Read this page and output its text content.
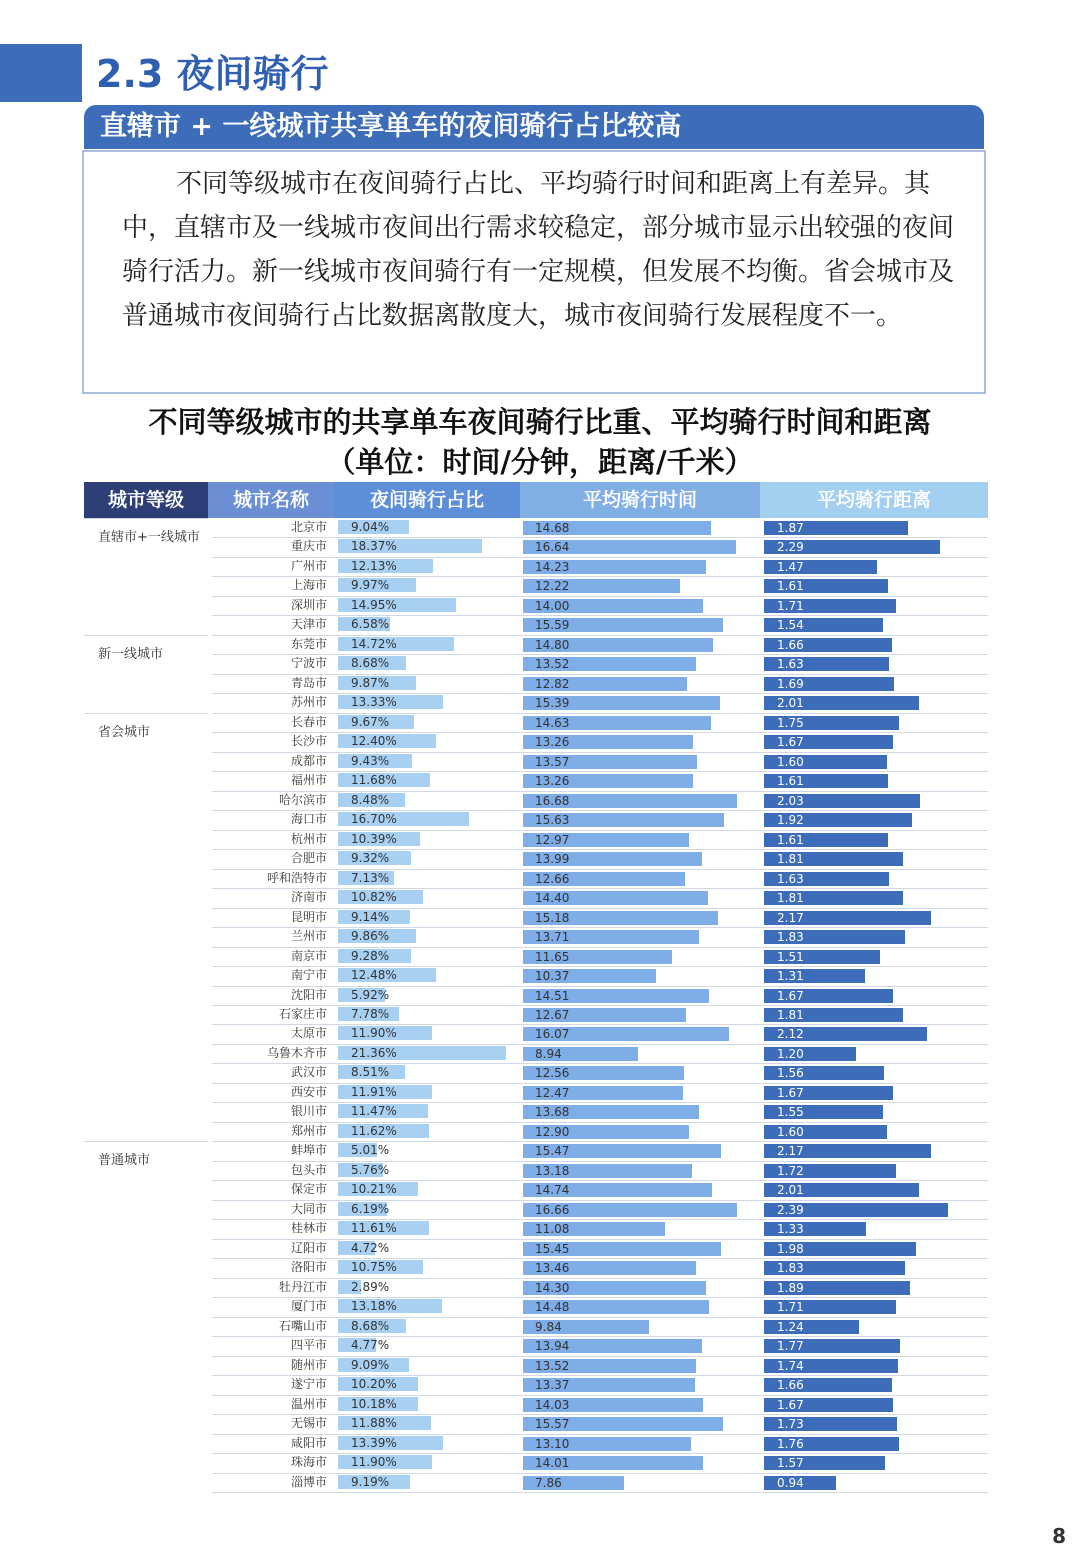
2.3 夜间骑行
直辖市 + 一线城市共享单车的夜间骑行占比较高

不同等级城市在夜间骑行占比、平均骑行时间和距离上有差异。其中，直辖市及一线城市夜间出行需求较稳定，部分城市显示出较强的夜间骑行活力。新一线城市夜间骑行有一定规模，但发展不均衡。省会城市及普通城市夜间骑行占比数据离散度大，城市夜间骑行发展程度不一。

不同等级城市的共享单车夜间骑行比重、平均骑行时间和距离
（单位：时间/分钟，距离/千米）
城市等级	城市名称	夜间骑行占比	平均骑行时间	平均骑行距离
直辖市+一线城市
北京市 9.04%	14.68	1.87
重庆市 18.37%	16.64	2.29
广州市 12.13%	14.23	1.47
上海市 9.97%	12.22	1.61
深圳市 14.95%	14.00	1.71
天津市 6.58%	15.59	1.54
新一线城市
东莞市 14.72%	14.80	1.66
宁波市 8.68%	13.52	1.63
青岛市 9.87%	12.82	1.69
苏州市 13.33%	15.39	2.01
省会城市
长春市 9.67%	14.63	1.75
长沙市 12.40%	13.26	1.67
成都市 9.43%	13.57	1.60
福州市 11.68%	13.26	1.61
哈尔滨市 8.48%	16.68	2.03
海口市 16.70%	15.63	1.92
杭州市 10.39%	12.97	1.61
合肥市 9.32%	13.99	1.81
呼和浩特市 7.13%	12.66	1.63
济南市 10.82%	14.40	1.81
昆明市 9.14%	15.18	2.17
兰州市 9.86%	13.71	1.83
南京市 9.28%	11.65	1.51
南宁市 12.48%	10.37	1.31
沈阳市 5.92%	14.51	1.67
石家庄市 7.78%	12.67	1.81
太原市 11.90%	16.07	2.12
乌鲁木齐市 21.36%	8.94	1.20
武汉市 8.51%	12.56	1.56
西安市 11.91%	12.47	1.67
银川市 11.47%	13.68	1.55
郑州市 11.62%	12.90	1.60
普通城市
蚌埠市 5.01%	15.47	2.17
包头市 5.76%	13.18	1.72
保定市 10.21%	14.74	2.01
大同市 6.19%	16.66	2.39
桂林市 11.61%	11.08	1.33
辽阳市 4.72%	15.45	1.98
洛阳市 10.75%	13.46	1.83
牡丹江市 2.89%	14.30	1.89
厦门市 13.18%	14.48	1.71
石嘴山市 8.68%	9.84	1.24
四平市 4.77%	13.94	1.77
随州市 9.09%	13.52	1.74
遂宁市 10.20%	13.37	1.66
温州市 10.18%	14.03	1.67
无锡市 11.88%	15.57	1.73
咸阳市 13.39%	13.10	1.76
珠海市 11.90%	14.01	1.57
淄博市 9.19%	7.86	0.94
8
